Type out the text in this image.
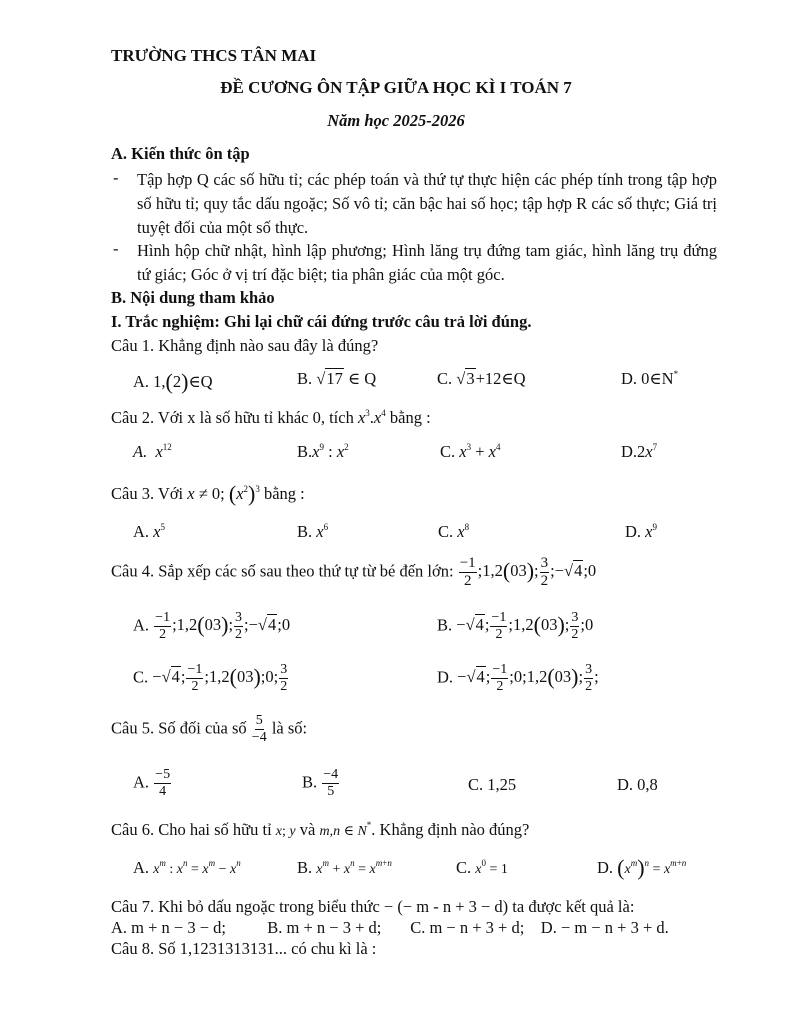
TRƯỜNG THCS TÂN MAI
ĐỀ CƯƠNG ÔN TẬP GIỮA HỌC KÌ I TOÁN 7
Năm học 2025-2026
A. Kiến thức ôn tập
- Tập hợp Q các số hữu tỉ; các phép toán và thứ tự thực hiện các phép tính trong tập hợp số hữu tỉ; quy tắc dấu ngoặc; Số vô tỉ; căn bậc hai số học; tập hợp R các số thực; Giá trị tuyệt đối của một số thực.
- Hình hộp chữ nhật, hình lập phương; Hình lăng trụ đứng tam giác, hình lăng trụ đứng tứ giác; Góc ở vị trí đặc biệt; tia phân giác của một góc.
B. Nội dung tham khảo
I. Trắc nghiệm: Ghi lại chữ cái đứng trước câu trả lời đúng.
Câu 1. Khẳng định nào sau đây là đúng?
A. 1,(2)∈Q	B. √17 ∈ Q	C. √3+12∈Q	D. 0∈N*
Câu 2. Với x là số hữu tỉ khác 0, tích $x^3.x^4$ bằng :
A. $x^{12}$	$B.x^9$ : $x^2$	C. $x^3 + x^4$	$D.2x^7$
Câu 3. Với x ≠ 0; $(x^2)^3$ bằng :
A. $x^5$	B. $x^6$	C. $x^8$	D. $x^9$
Câu 4. Sắp xếp các số sau theo thứ tự từ bé đến lớn: $\frac{-1}{2}$ ;1,2(03); $\frac{3}{2}$ ;−√4;0
A. $\frac{-1}{2}$ ;1,2(03); $\frac{3}{2}$ ;−√4;0	B. −√4; $\frac{-1}{2}$ ;1,2(03); $\frac{3}{2}$ ;0
C. −√4; $\frac{-1}{2}$ ;1,2(03);0; $\frac{3}{2}$	D. −√4; $\frac{-1}{2}$ ;0;1,2(03); $\frac{3}{2}$ ;
Câu 5. Số đối của số $\frac{5}{-4}$ là số:
A. $\frac{-5}{4}$	B. $\frac{-4}{5}$	C. 1,25	D. 0,8
Câu 6. Cho hai số hữu tỉ x; y và m,n ∈ N*. Khẳng định nào đúng?
A. $x^m$ : $x^n = x^m - x^n$	B. $x^m + x^n = x^{m+n}$	C. $x^0 = 1$	D. $(x^m)^n = x^{m+n}$
Câu 7. Khi bỏ dấu ngoặc trong biểu thức − (− m - n + 3 − d) ta được kết quả là:
A. m + n − 3 − d;          B. m + n − 3 + d;       C. m − n + 3 + d;    D. − m − n + 3 + d.
Câu 8. Số 1,1231313131... có chu kì là :
